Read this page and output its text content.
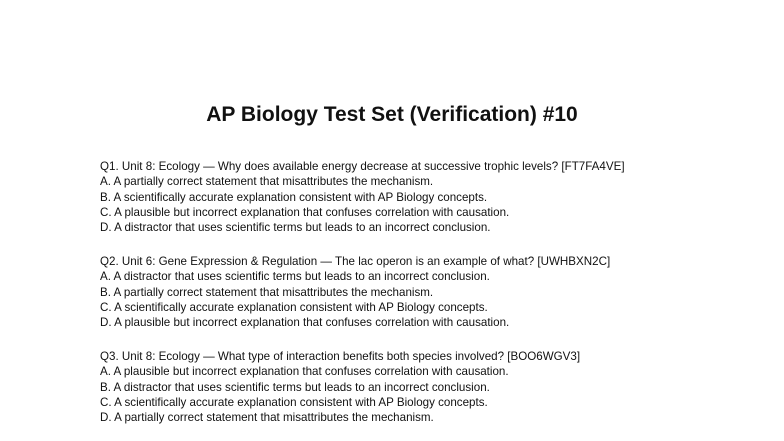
AP Biology Test Set (Verification) #10
Q1. Unit 8: Ecology — Why does available energy decrease at successive trophic levels? [FT7FA4VE]
A. A partially correct statement that misattributes the mechanism.
B. A scientifically accurate explanation consistent with AP Biology concepts.
C. A plausible but incorrect explanation that confuses correlation with causation.
D. A distractor that uses scientific terms but leads to an incorrect conclusion.
Q2. Unit 6: Gene Expression & Regulation — The lac operon is an example of what? [UWHBXN2C]
A. A distractor that uses scientific terms but leads to an incorrect conclusion.
B. A partially correct statement that misattributes the mechanism.
C. A scientifically accurate explanation consistent with AP Biology concepts.
D. A plausible but incorrect explanation that confuses correlation with causation.
Q3. Unit 8: Ecology — What type of interaction benefits both species involved? [BOO6WGV3]
A. A plausible but incorrect explanation that confuses correlation with causation.
B. A distractor that uses scientific terms but leads to an incorrect conclusion.
C. A scientifically accurate explanation consistent with AP Biology concepts.
D. A partially correct statement that misattributes the mechanism.
